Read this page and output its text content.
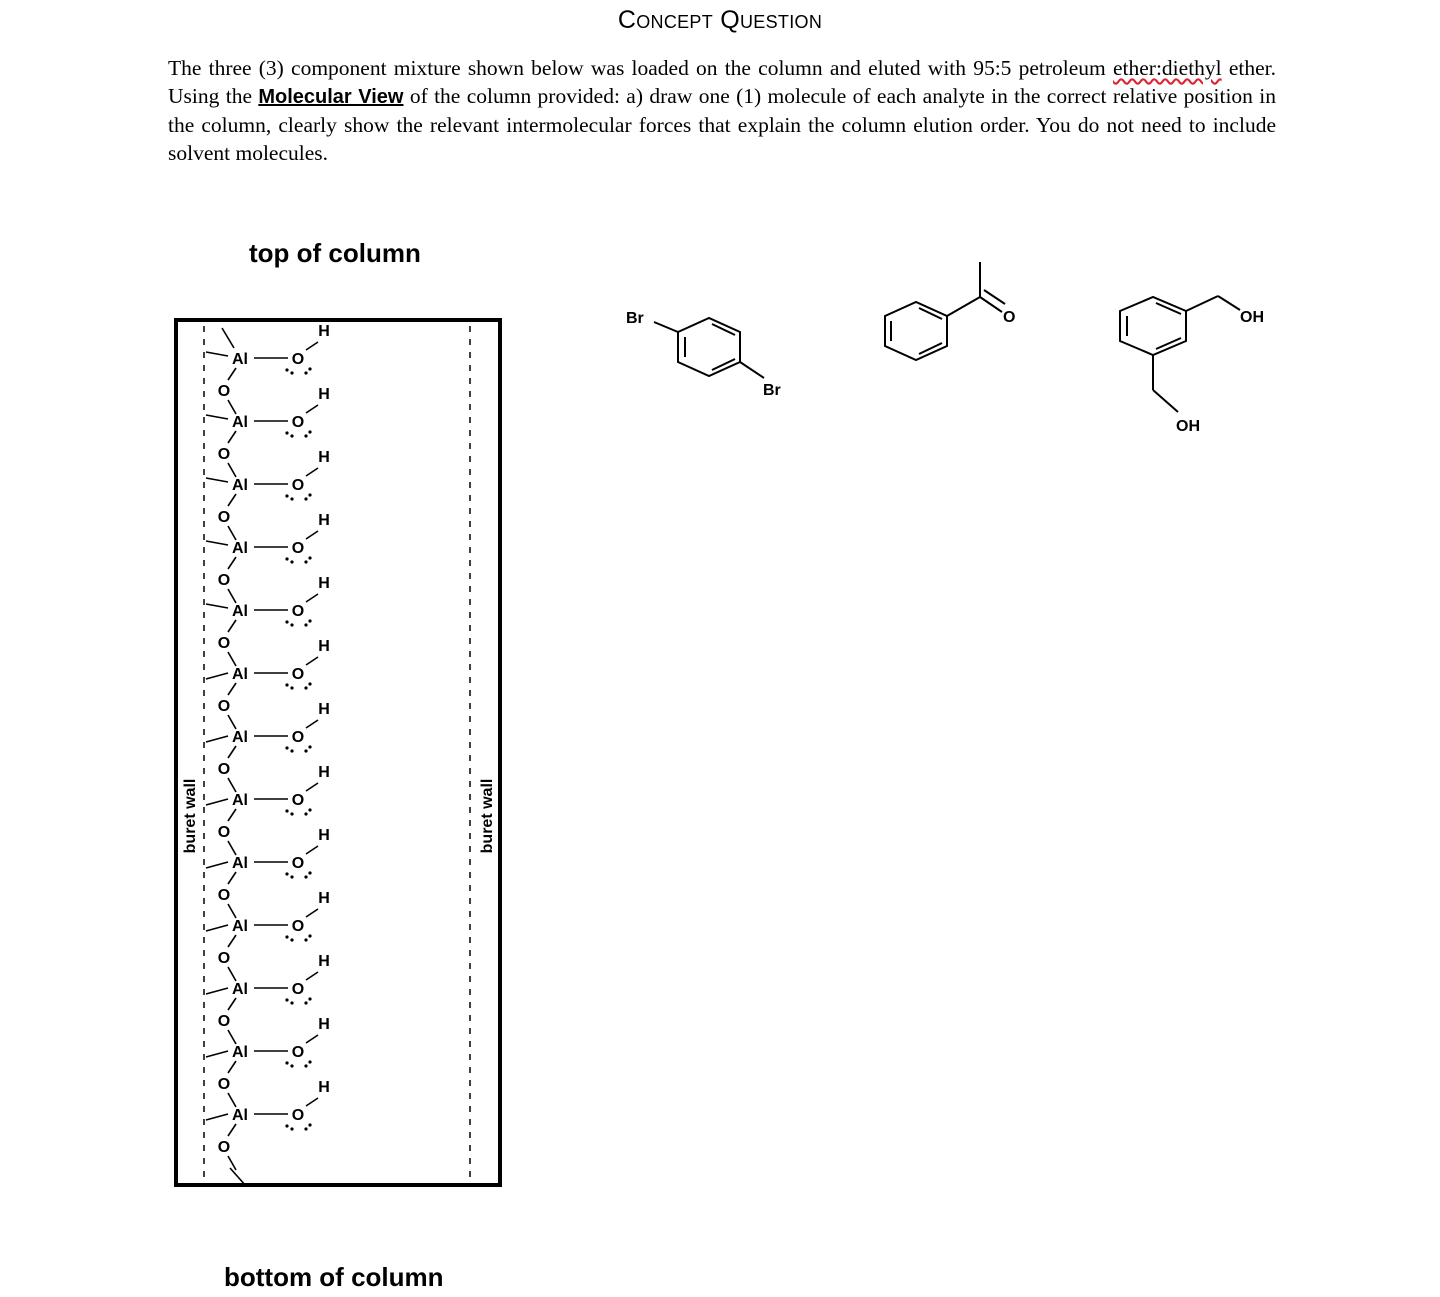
Concept Question
The three (3) component mixture shown below was loaded on the column and eluted with 95:5 petroleum ether:diethyl ether. Using the Molecular View of the column provided: a) draw one (1) molecule of each analyte in the correct relative position in the column, clearly show the relevant intermolecular forces that explain the column elution order. You do not need to include solvent molecules.
top of column
bottom of column
buret wall	buret wall
Al	O
H
O
Al	O
H
O
Al	O
H
O
Al	O
H
O
Al	O
H
O
Al	O
H
O
Al	O
H
O
Al	O
H
O
Al	O
H
O
Al	O
H
O
Al	O
H
O
Al	O
H
O
Al	O
H
O
Br
Br
O	OH
OH
